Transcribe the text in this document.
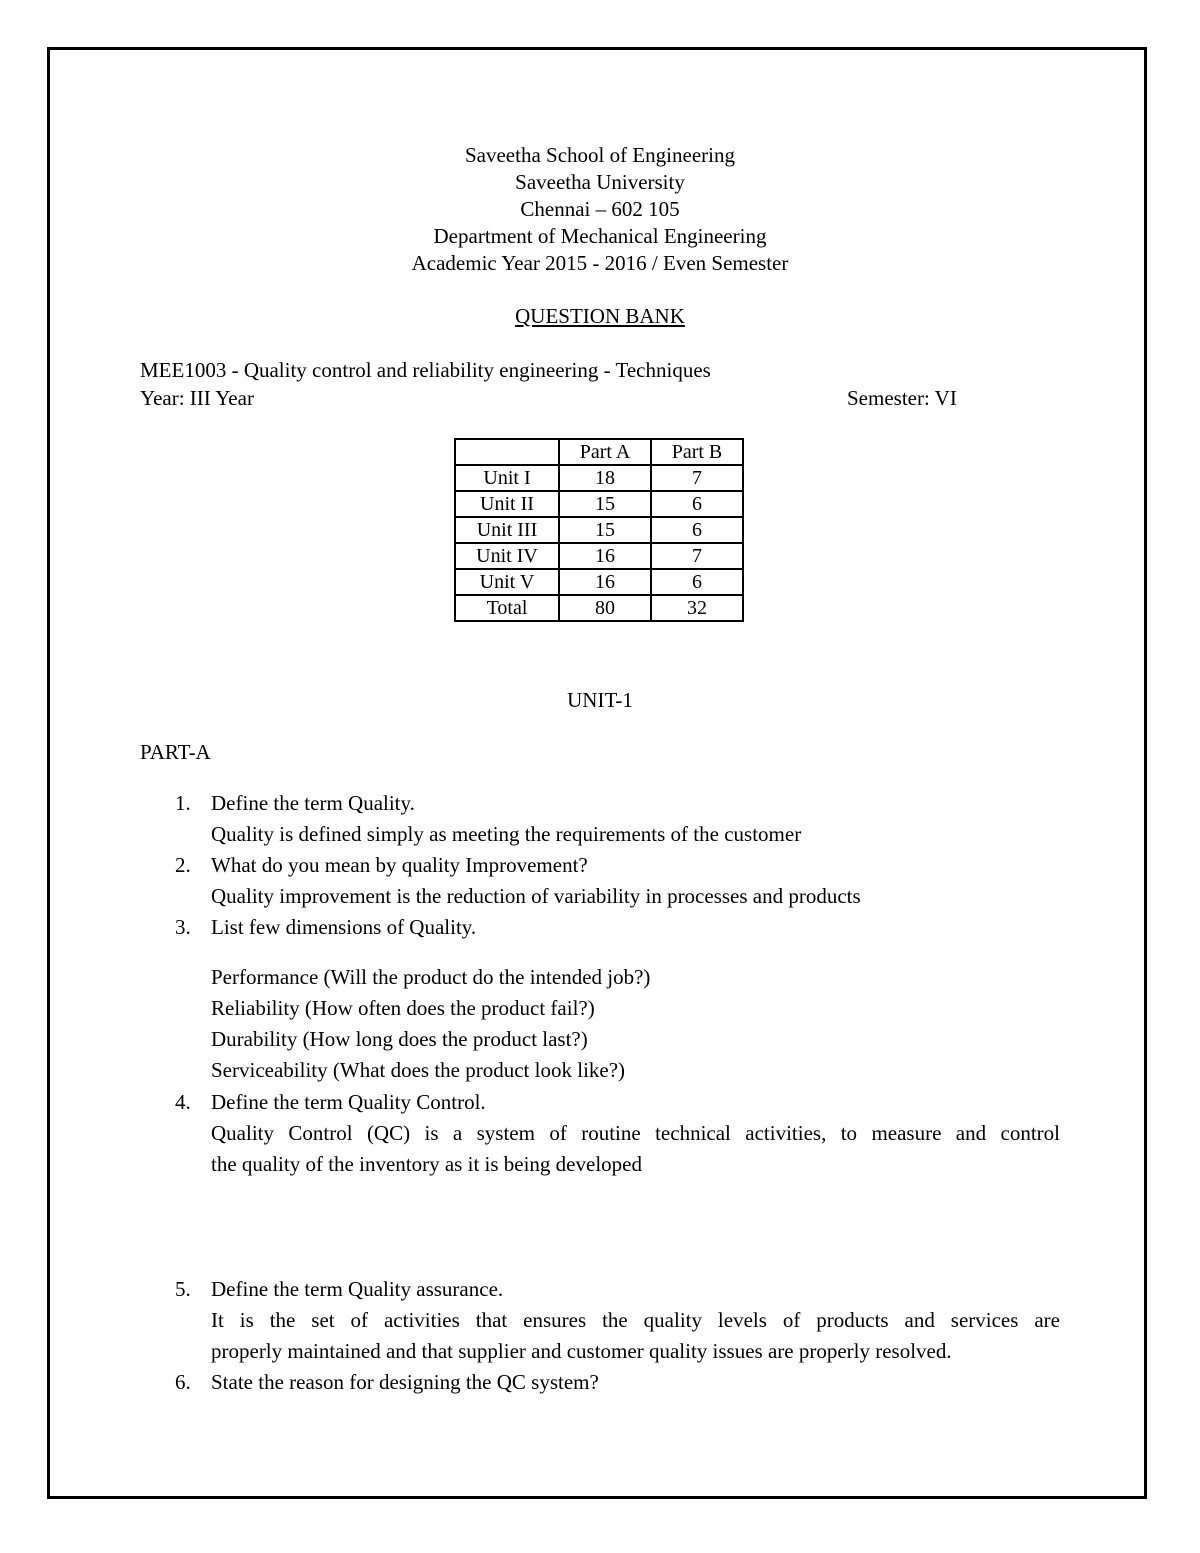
Saveetha School of Engineering
Saveetha University
Chennai – 602 105
Department of Mechanical Engineering
Academic Year 2015 - 2016 / Even Semester
QUESTION BANK
MEE1003 - Quality control and reliability engineering - Techniques
Year: III Year	Semester: VI
	Part A	Part B
Unit I	18	7
Unit II	15	6
Unit III	15	6
Unit IV	16	7
Unit V	16	6
Total	80	32
UNIT-1
PART-A
1. Define the term Quality.
Quality is defined simply as meeting the requirements of the customer
2. What do you mean by quality Improvement?
Quality improvement is the reduction of variability in processes and products
3. List few dimensions of Quality.
Performance (Will the product do the intended job?)
Reliability (How often does the product fail?)
Durability (How long does the product last?)
Serviceability (What does the product look like?)
4. Define the term Quality Control.
Quality Control (QC) is a system of routine technical activities, to measure and control
the quality of the inventory as it is being developed
5. Define the term Quality assurance.
It is the set of activities that ensures the quality levels of products and services are
properly maintained and that supplier and customer quality issues are properly resolved.
6. State the reason for designing the QC system?
